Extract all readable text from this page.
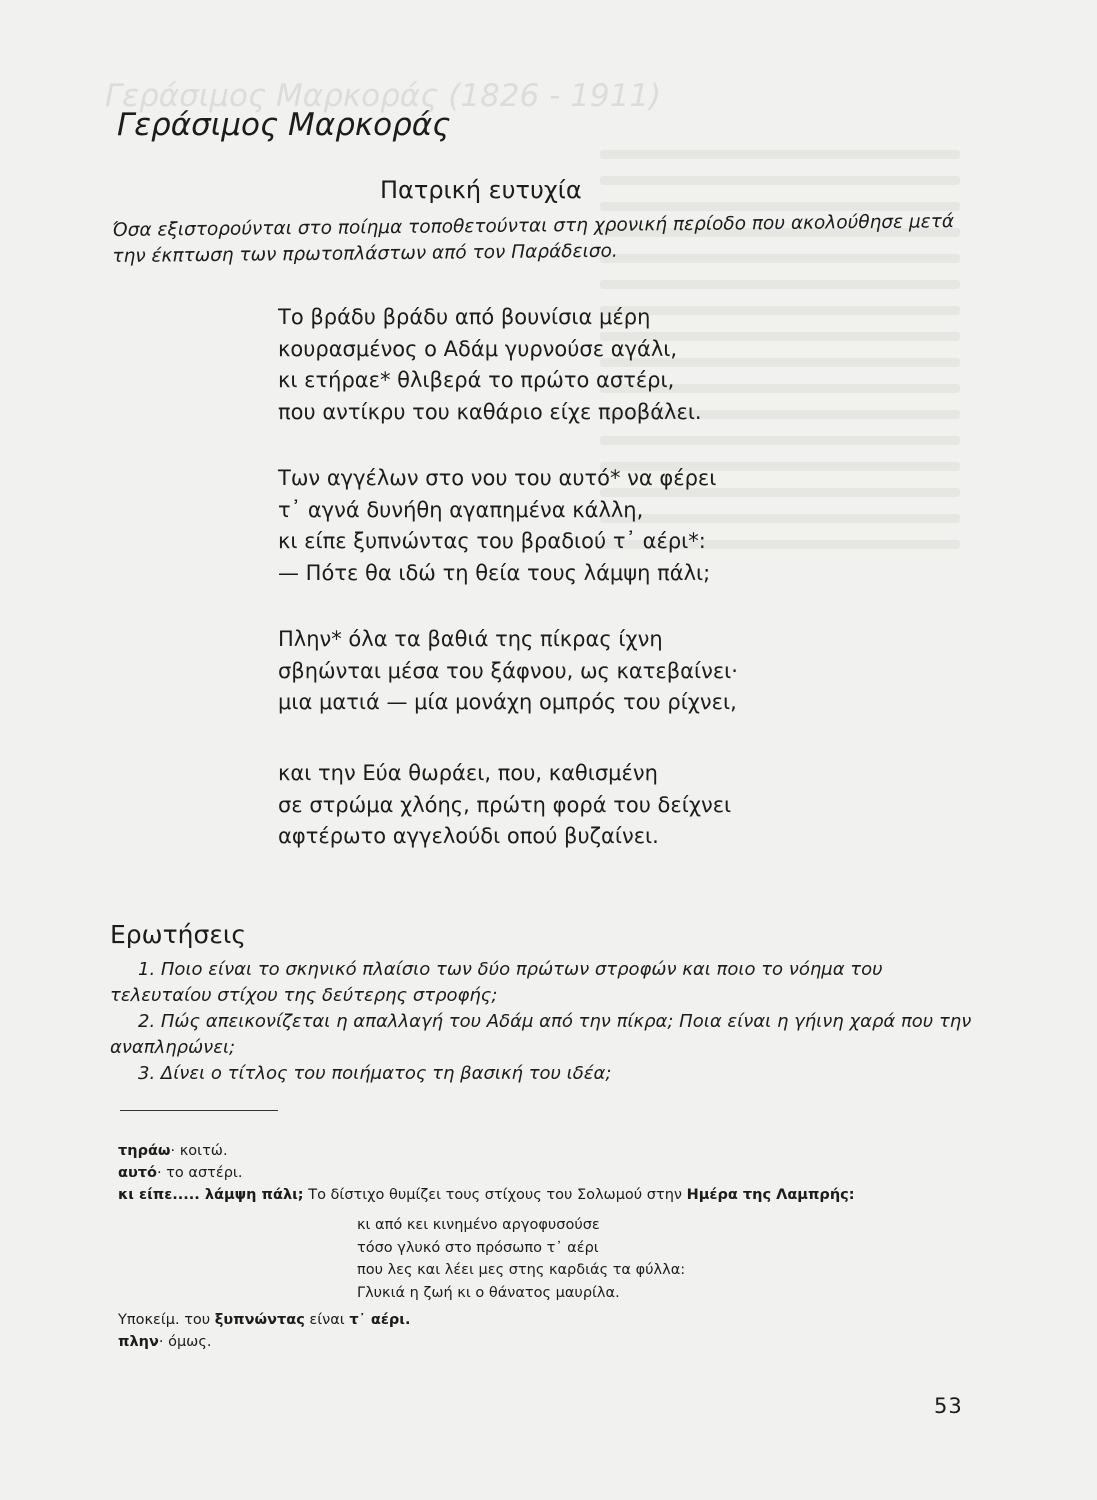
Γεράσιμος Μαρκοράς (1826 - 1911)
Γεράσιμος Μαρκοράς
Πατρική ευτυχία
Όσα εξιστορούνται στο ποίημα τοποθετούνται στη χρονική περίοδο που ακολούθησε μετά την έκπτωση των πρωτοπλάστων από τον Παράδεισο.
Το βράδυ βράδυ από βουνίσια μέρη
κουρασμένος ο Αδάμ γυρνούσε αγάλι,
κι ετήραε* θλιβερά το πρώτο αστέρι,
που αντίκρυ του καθάριο είχε προβάλει.
Των αγγέλων στο νου του αυτό* να φέρει
τ᾽ αγνά δυνήθη αγαπημένα κάλλη,
κι είπε ξυπνώντας του βραδιού τ᾽ αέρι*:
— Πότε θα ιδώ τη θεία τους λάμψη πάλι;
Πλην* όλα τα βαθιά της πίκρας ίχνη
σβηώνται μέσα του ξάφνου, ως κατεβαίνει·
μια ματιά — μία μονάχη ομπρός του ρίχνει,
και την Εύα θωράει, που, καθισμένη
σε στρώμα χλόης, πρώτη φορά του δείχνει
αφτέρωτο αγγελούδι οπού βυζαίνει.
Ερωτήσεις
1. Ποιο είναι το σκηνικό πλαίσιο των δύο πρώτων στροφών και ποιο το νόημα του τελευταίου στίχου της δεύτερης στροφής;
2. Πώς απεικονίζεται η απαλλαγή του Αδάμ από την πίκρα; Ποια είναι η γήινη χαρά που την αναπληρώνει;
3. Δίνει ο τίτλος του ποιήματος τη βασική του ιδέα;
τηράω· κοιτώ.
αυτό· το αστέρι.
κι είπε..... λάμψη πάλι; Το δίστιχο θυμίζει τους στίχους του Σολωμού στην Ημέρα της Λαμπρής:
κι από κει κινημένο αργοφυσούσε
τόσο γλυκό στο πρόσωπο τ᾽ αέρι
που λες και λέει μες στης καρδιάς τα φύλλα:
Γλυκιά η ζωή κι ο θάνατος μαυρίλα.
Υποκείμ. του ξυπνώντας είναι τ᾽ αέρι.
πλην· όμως.
53
